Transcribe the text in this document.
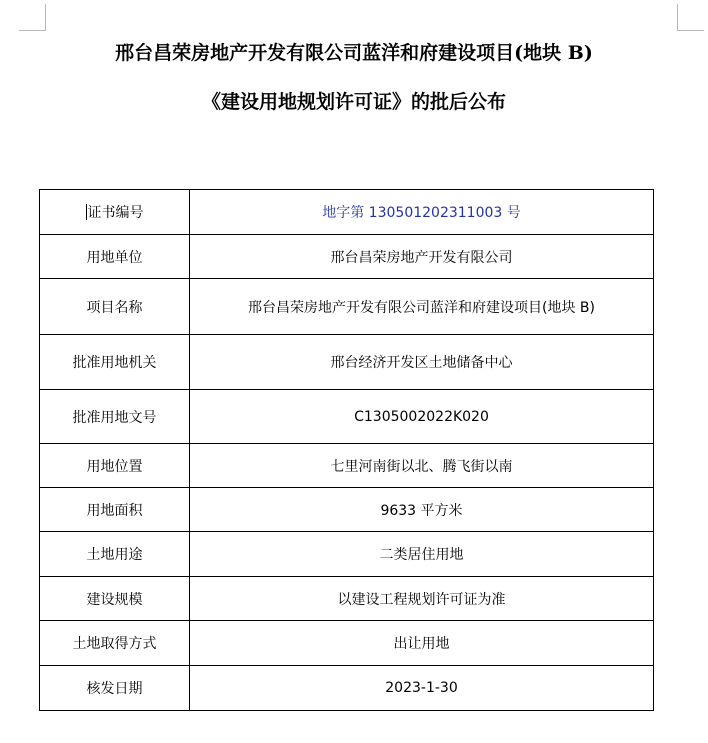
邢台昌荣房地产开发有限公司蓝洋和府建设项目(地块 B)
《建设用地规划许可证》的批后公布
证书编号	地字第 130501202311003 号
用地单位	邢台昌荣房地产开发有限公司
项目名称	邢台昌荣房地产开发有限公司蓝洋和府建设项目(地块 B)
批准用地机关	邢台经济开发区土地储备中心
批准用地文号	C1305002022K020
用地位置	七里河南街以北、腾飞街以南
用地面积	9633 平方米
土地用途	二类居住用地
建设规模	以建设工程规划许可证为准
土地取得方式	出让用地
核发日期	2023-1-30
